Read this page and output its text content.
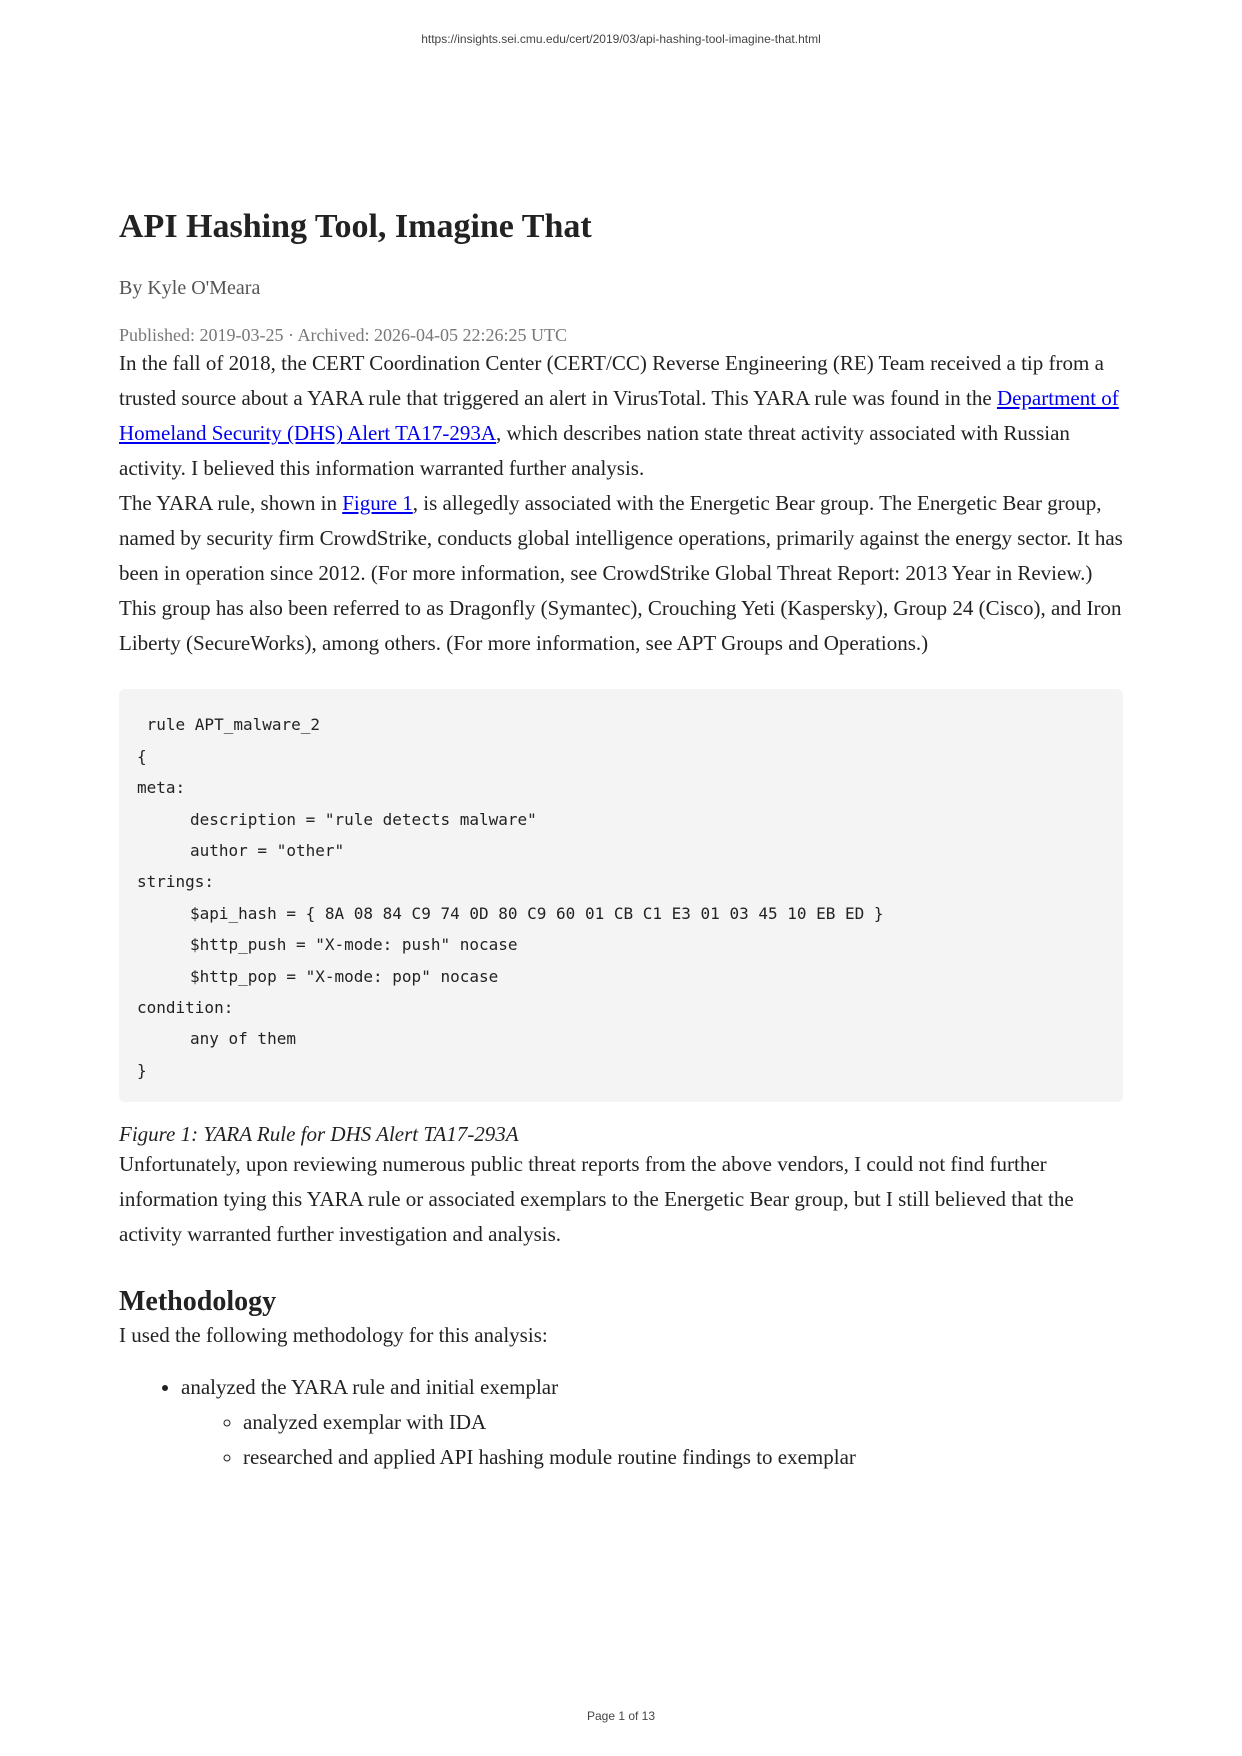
https://insights.sei.cmu.edu/cert/2019/03/api-hashing-tool-imagine-that.html
API Hashing Tool, Imagine That
By Kyle O'Meara
Published: 2019-03-25 · Archived: 2026-04-05 22:26:25 UTC

In the fall of 2018, the CERT Coordination Center (CERT/CC) Reverse Engineering (RE) Team received a tip from a trusted source about a YARA rule that triggered an alert in VirusTotal. This YARA rule was found in the Department of Homeland Security (DHS) Alert TA17-293A, which describes nation state threat activity associated with Russian activity. I believed this information warranted further analysis.

The YARA rule, shown in Figure 1, is allegedly associated with the Energetic Bear group. The Energetic Bear group, named by security firm CrowdStrike, conducts global intelligence operations, primarily against the energy sector. It has been in operation since 2012. (For more information, see CrowdStrike Global Threat Report: 2013 Year in Review.) This group has also been referred to as Dragonfly (Symantec), Crouching Yeti (Kaspersky), Group 24 (Cisco), and Iron Liberty (SecureWorks), among others. (For more information, see APT Groups and Operations.)

rule APT_malware_2
{
meta:
description = "rule detects malware"
author = "other"
strings:
$api_hash = { 8A 08 84 C9 74 0D 80 C9 60 01 CB C1 E3 01 03 45 10 EB ED }
$http_push = "X-mode: push" nocase
$http_pop = "X-mode: pop" nocase
condition:
any of them
}
Figure 1: YARA Rule for DHS Alert TA17-293A

Unfortunately, upon reviewing numerous public threat reports from the above vendors, I could not find further information tying this YARA rule or associated exemplars to the Energetic Bear group, but I still believed that the activity warranted further investigation and analysis.

Methodology

I used the following methodology for this analysis:

• analyzed the YARA rule and initial exemplar
◦ analyzed exemplar with IDA
◦ researched and applied API hashing module routine findings to exemplar
Page 1 of 13
